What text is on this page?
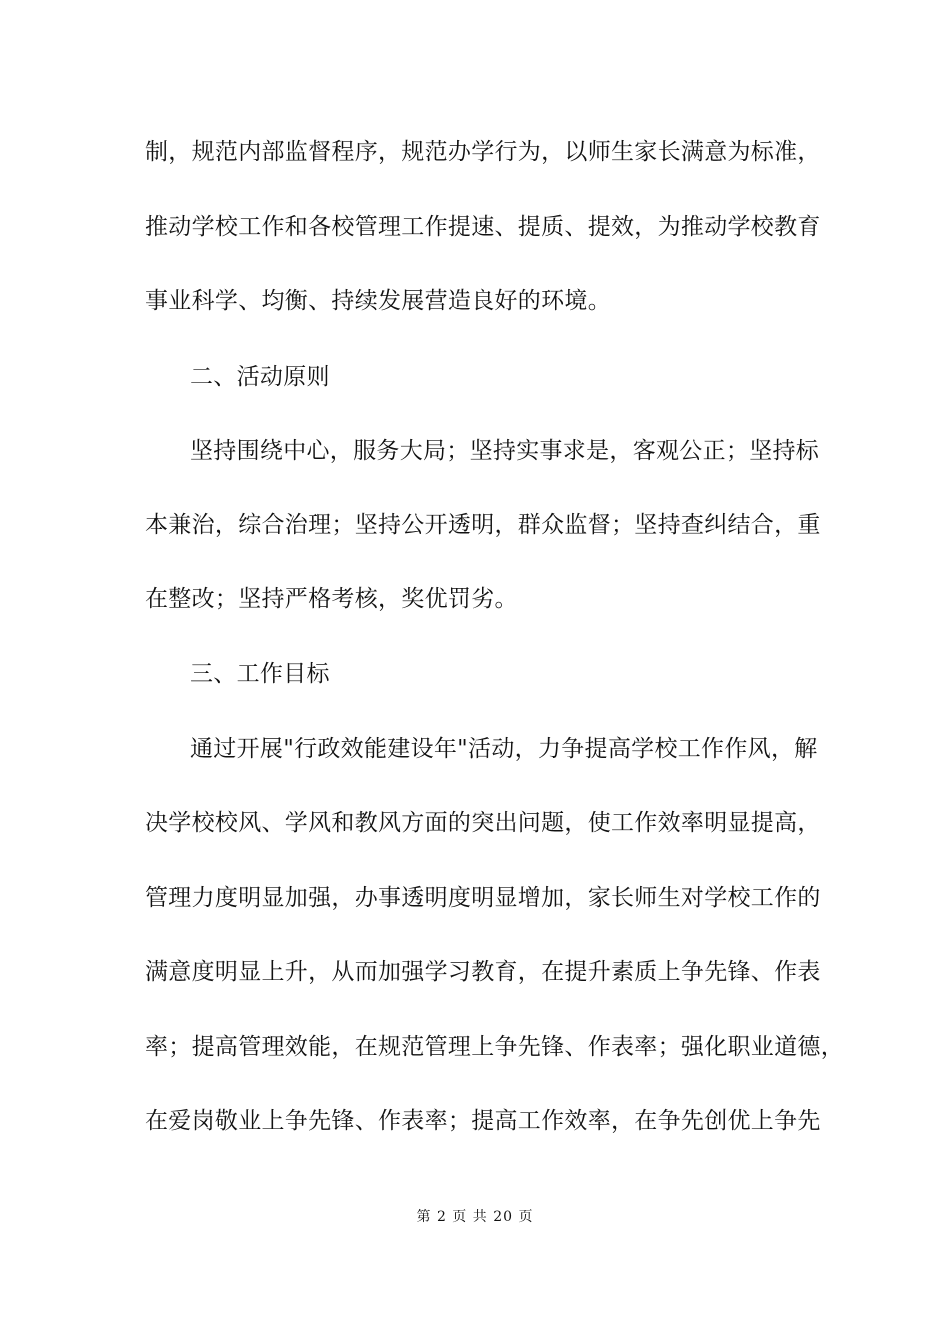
制，规范内部监督程序，规范办学行为，以师生家长满意为标准，
推动学校工作和各校管理工作提速、提质、提效，为推动学校教育
事业科学、均衡、持续发展营造良好的环境。
二、活动原则
坚持围绕中心，服务大局；坚持实事求是，客观公正；坚持标
本兼治，综合治理；坚持公开透明，群众监督；坚持查纠结合，重
在整改；坚持严格考核，奖优罚劣。
三、工作目标
通过开展"行政效能建设年"活动，力争提高学校工作作风，解
决学校校风、学风和教风方面的突出问题，使工作效率明显提高，
管理力度明显加强，办事透明度明显增加，家长师生对学校工作的
满意度明显上升，从而加强学习教育，在提升素质上争先锋、作表
率；提高管理效能，在规范管理上争先锋、作表率；强化职业道德，
在爱岗敬业上争先锋、作表率；提高工作效率，在争先创优上争先
第 2 页 共 20 页
